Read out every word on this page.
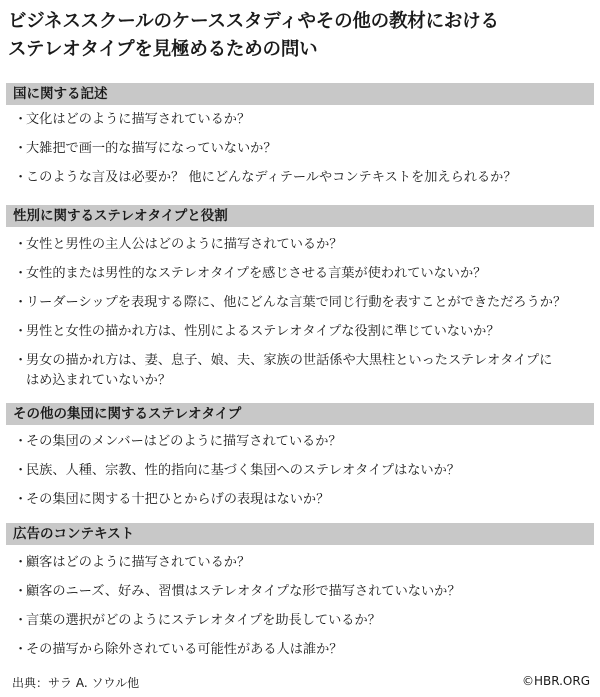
ビジネススクールのケーススタディやその他の教材における
ステレオタイプを見極めるための問い
国に関する記述
・
文化はどのように描写されているか？
・
大雑把で画一的な描写になっていないか？
・
このような言及は必要か？ 他にどんなディテールやコンテキストを加えられるか？
性別に関するステレオタイプと役割
・
女性と男性の主人公はどのように描写されているか？
・
女性的または男性的なステレオタイプを感じさせる言葉が使われていないか？
・
リーダーシップを表現する際に、他にどんな言葉で同じ行動を表すことができただろうか？
・
男性と女性の描かれ方は、性別によるステレオタイプな役割に準じていないか？
・
男女の描かれ方は、妻、息子、娘、夫、家族の世話係や大黒柱といったステレオタイプに
はめ込まれていないか？
その他の集団に関するステレオタイプ
・
その集団のメンバーはどのように描写されているか？
・
民族、人種、宗教、性的指向に基づく集団へのステレオタイプはないか？
・
その集団に関する十把ひとからげの表現はないか？
広告のコンテキスト
・
顧客はどのように描写されているか？
・
顧客のニーズ、好み、習慣はステレオタイプな形で描写されていないか？
・
言葉の選択がどのようにステレオタイプを助長しているか？
・
その描写から除外されている可能性がある人は誰か？
出典：サラ A. ソウル他	©HBR.ORG
